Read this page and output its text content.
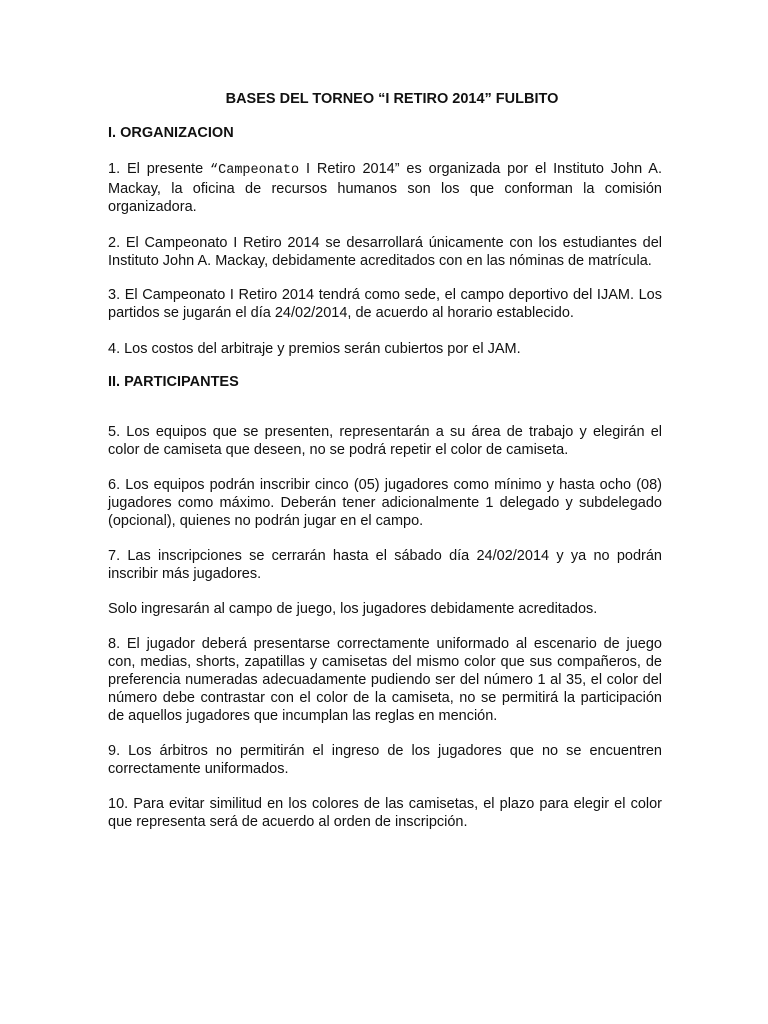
BASES DEL TORNEO “I RETIRO 2014” FULBITO
I. ORGANIZACION

1. El presente “Campeonato I Retiro 2014” es organizada por el Instituto John A. Mackay, la oficina de recursos humanos son los que conforman la comisión organizadora.

2. El Campeonato I Retiro 2014 se desarrollará únicamente con los estudiantes del Instituto John A. Mackay, debidamente acreditados con en las nóminas de matrícula.

3. El Campeonato I Retiro 2014 tendrá como sede, el campo deportivo del IJAM. Los partidos se jugarán el día 24/02/2014, de acuerdo al horario establecido.

4. Los costos del arbitraje y premios serán cubiertos por el JAM.

II. PARTICIPANTES

5. Los equipos que se presenten, representarán a su área de trabajo y elegirán el color de camiseta que deseen, no se podrá repetir el color de camiseta.

6. Los equipos podrán inscribir cinco (05) jugadores como mínimo y hasta ocho (08) jugadores como máximo. Deberán tener adicionalmente 1 delegado y subdelegado (opcional), quienes no podrán jugar en el campo.

7. Las inscripciones se cerrarán hasta el sábado día 24/02/2014 y ya no podrán inscribir más jugadores.

Solo ingresarán al campo de juego, los jugadores debidamente acreditados.

8. El jugador deberá presentarse correctamente uniformado al escenario de juego con, medias, shorts, zapatillas y camisetas del mismo color que sus compañeros, de preferencia numeradas adecuadamente pudiendo ser del número 1 al 35, el color del número debe contrastar con el color de la camiseta, no se permitirá la participación de aquellos jugadores que incumplan las reglas en mención.

9. Los árbitros no permitirán el ingreso de los jugadores que no se encuentren correctamente uniformados.

10. Para evitar similitud en los colores de las camisetas, el plazo para elegir el color que representa será de acuerdo al orden de inscripción.
